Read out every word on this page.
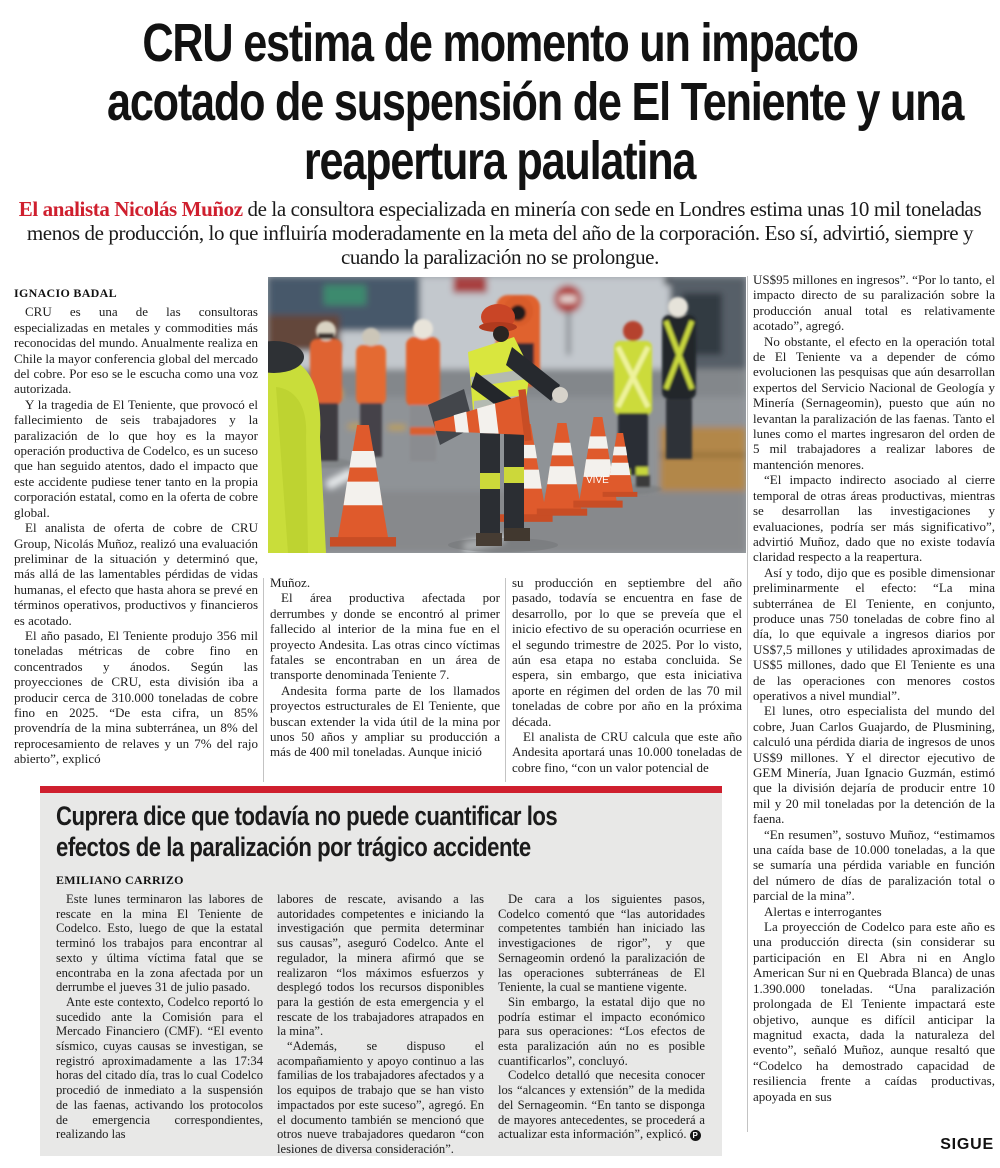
CRU estima de momento un impacto
acotado de suspensión de El Teniente y una
reapertura paulatina
El analista Nicolás Muñoz de la consultora especializada en minería con sede en Londres estima unas 10 mil toneladas menos de producción, lo que influiría moderadamente en la meta del año de la corporación. Eso sí, advirtió, siempre y cuando la paralización no se prolongue.
IGNACIO BADAL

CRU es una de las consultoras especializadas en metales y commodities más reconocidas del mundo. Anualmente realiza en Chile la mayor conferencia global del mercado del cobre. Por eso se le escucha como una voz autorizada.

Y la tragedia de El Teniente, que provocó el fallecimiento de seis trabajadores y la paralización de lo que hoy es la mayor operación productiva de Codelco, es un suceso que han seguido atentos, dado el impacto que este accidente pudiese tener tanto en la propia corporación estatal, como en la oferta de cobre global.

El analista de oferta de cobre de CRU Group, Nicolás Muñoz, realizó una evaluación preliminar de la situación y determinó que, más allá de las lamentables pérdidas de vidas humanas, el efecto que hasta ahora se prevé en términos operativos, productivos y financieros es acotado.

El año pasado, El Teniente produjo 356 mil toneladas métricas de cobre fino en concentrados y ánodos. Según las proyecciones de CRU, esta división iba a producir cerca de 310.000 toneladas de cobre fino en 2025. “De esta cifra, un 85% provendría de la mina subterránea, un 8% del reprocesamiento de relaves y un 7% del rajo abierto”, explicó

Muñoz.

El área productiva afectada por derrumbes y donde se encontró al primer fallecido al interior de la mina fue en el proyecto Andesita. Las otras cinco víctimas fatales se encontraban en un área de transporte denominada Teniente 7.

Andesita forma parte de los llamados proyectos estructurales de El Teniente, que buscan extender la vida útil de la mina por unos 50 años y ampliar su producción a más de 400 mil toneladas. Aunque inició

su producción en septiembre del año pasado, todavía se encuentra en fase de desarrollo, por lo que se preveía que el inicio efectivo de su operación ocurriese en el segundo trimestre de 2025. Por lo visto, aún esa etapa no estaba concluida. Se espera, sin embargo, que esta iniciativa aporte en régimen del orden de las 70 mil toneladas de cobre por año en la próxima década.

El analista de CRU calcula que este año Andesita aportará unas 10.000 toneladas de cobre fino, “con un valor potencial de

US$95 millones en ingresos”. “Por lo tanto, el impacto directo de su paralización sobre la producción anual total es relativamente acotado”, agregó.

No obstante, el efecto en la operación total de El Teniente va a depender de cómo evolucionen las pesquisas que aún desarrollan expertos del Servicio Nacional de Geología y Minería (Sernageomin), puesto que aún no levantan la paralización de las faenas. Tanto el lunes como el martes ingresaron del orden de 5 mil trabajadores a realizar labores de mantención menores.

“El impacto indirecto asociado al cierre temporal de otras áreas productivas, mientras se desarrollan las investigaciones y evaluaciones, podría ser más significativo”, advirtió Muñoz, dado que no existe todavía claridad respecto a la reapertura.

Así y todo, dijo que es posible dimensionar preliminarmente el efecto: “La mina subterránea de El Teniente, en conjunto, produce unas 750 toneladas de cobre fino al día, lo que equivale a ingresos diarios por US$7,5 millones y utilidades aproximadas de US$5 millones, dado que El Teniente es una de las operaciones con menores costos operativos a nivel mundial”.

El lunes, otro especialista del mundo del cobre, Juan Carlos Guajardo, de Plusmining, calculó una pérdida diaria de ingresos de unos US$9 millones. Y el director ejecutivo de GEM Minería, Juan Ignacio Guzmán, estimó que la división dejaría de producir entre 10 mil y 20 mil toneladas por la detención de la faena.

“En resumen”, sostuvo Muñoz, “estimamos una caída base de 10.000 toneladas, a la que se sumaría una pérdida variable en función del número de días de paralización total o parcial de la mina”.

Alertas e interrogantes

La proyección de Codelco para este año es una producción directa (sin considerar su participación en El Abra ni en Anglo American Sur ni en Quebrada Blanca) de unas 1.390.000 toneladas. “Una paralización prolongada de El Teniente impactará este objetivo, aunque es difícil anticipar la magnitud exacta, dada la naturaleza del evento”, señaló Muñoz, aunque resaltó que “Codelco ha demostrado capacidad de resiliencia frente a caídas productivas, apoyada en sus

VIVE
Cuprera dice que todavía no puede cuantificar los
efectos de la paralización por trágico accidente
EMILIANO CARRIZO

Este lunes terminaron las labores de rescate en la mina El Teniente de Codelco. Esto, luego de que la estatal terminó los trabajos para encontrar al sexto y última víctima fatal que se encontraba en la zona afectada por un derrumbe el jueves 31 de julio pasado.

Ante este contexto, Codelco reportó lo sucedido ante la Comisión para el Mercado Financiero (CMF). “El evento sísmico, cuyas causas se investigan, se registró aproximadamente a las 17:34 horas del citado día, tras lo cual Codelco procedió de inmediato a la suspensión de las faenas, activando los protocolos de emergencia correspondientes, realizando las

labores de rescate, avisando a las autoridades competentes e iniciando la investigación que permita determinar sus causas”, aseguró Codelco. Ante el regulador, la minera afirmó que se realizaron “los máximos esfuerzos y desplegó todos los recursos disponibles para la gestión de esta emergencia y el rescate de los trabajadores atrapados en la mina”.

“Además, se dispuso el acompañamiento y apoyo continuo a las familias de los trabajadores afectados y a los equipos de trabajo que se han visto impactados por este suceso”, agregó. En el documento también se mencionó que otros nueve trabajadores quedaron “con lesiones de diversa consideración”.

De cara a los siguientes pasos, Codelco comentó que “las autoridades competentes también han iniciado las investigaciones de rigor”, y que Sernageomin ordenó la paralización de las operaciones subterráneas de El Teniente, la cual se mantiene vigente.

Sin embargo, la estatal dijo que no podría estimar el impacto económico para sus operaciones: “Los efectos de esta paralización aún no es posible cuantificarlos”, concluyó.

Codelco detalló que necesita conocer los “alcances y extensión” de la medida del Sernageomin. “En tanto se disponga de mayores antecedentes, se procederá a actualizar esta información”, explicó. P

SIGUE
